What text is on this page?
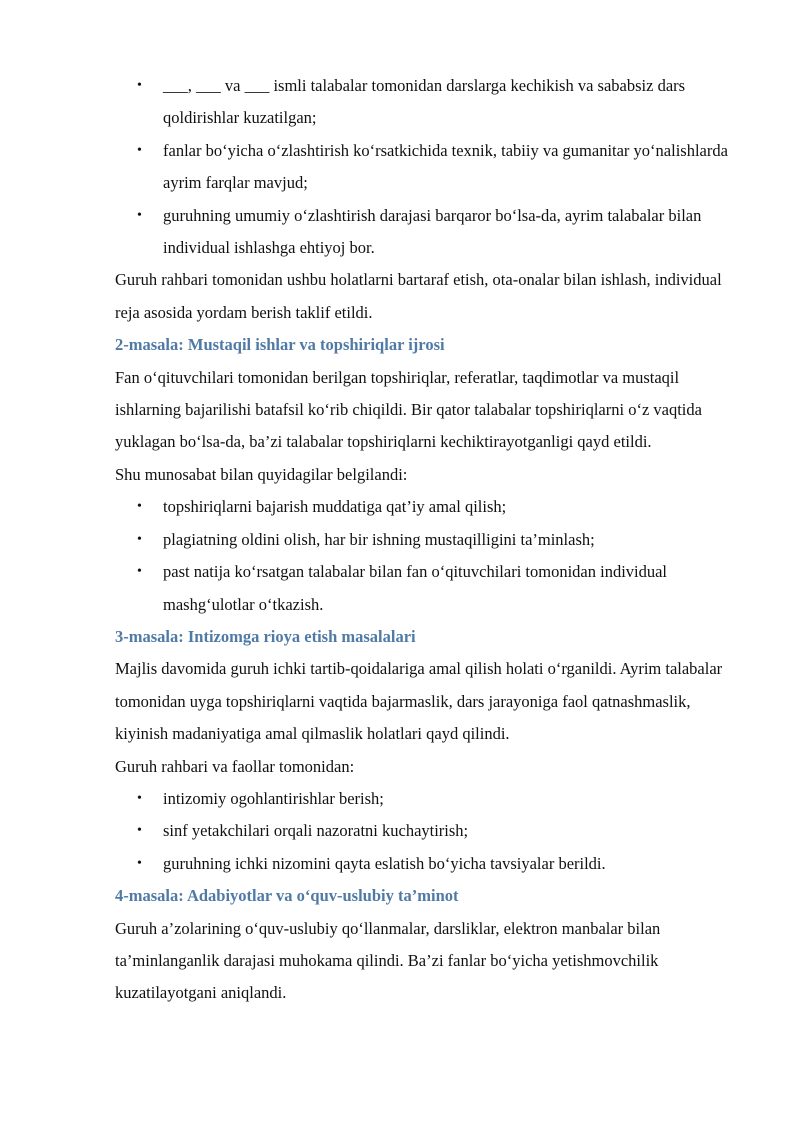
• ___, ___ va ___ ismli talabalar tomonidan darslarga kechikish va sababsiz dars qoldirishlar kuzatilgan;
• fanlar bo‘yicha o‘zlashtirish ko‘rsatkichida texnik, tabiiy va gumanitar yo‘nalishlarda ayrim farqlar mavjud;
• guruhning umumiy o‘zlashtirish darajasi barqaror bo‘lsa-da, ayrim talabalar bilan individual ishlashga ehtiyoj bor.

Guruh rahbari tomonidan ushbu holatlarni bartaraf etish, ota-onalar bilan ishlash, individual reja asosida yordam berish taklif etildi.

2-masala: Mustaqil ishlar va topshiriqlar ijrosi

Fan o‘qituvchilari tomonidan berilgan topshiriqlar, referatlar, taqdimotlar va mustaqil ishlarning bajarilishi batafsil ko‘rib chiqildi. Bir qator talabalar topshiriqlarni o‘z vaqtida yuklagan bo‘lsa-da, ba’zi talabalar topshiriqlarni kechiktirayotganligi qayd etildi.

Shu munosabat bilan quyidagilar belgilandi:

• topshiriqlarni bajarish muddatiga qat’iy amal qilish;
• plagiatning oldini olish, har bir ishning mustaqilligini ta’minlash;
• past natija ko‘rsatgan talabalar bilan fan o‘qituvchilari tomonidan individual mashg‘ulotlar o‘tkazish.
3-masala: Intizomga rioya etish masalalari

Majlis davomida guruh ichki tartib-qoidalariga amal qilish holati o‘rganildi. Ayrim talabalar tomonidan uyga topshiriqlarni vaqtida bajarmaslik, dars jarayoniga faol qatnashmaslik, kiyinish madaniyatiga amal qilmaslik holatlari qayd qilindi.

Guruh rahbari va faollar tomonidan:

• intizomiy ogohlantirishlar berish;
• sinf yetakchilari orqali nazoratni kuchaytirish;
• guruhning ichki nizomini qayta eslatish bo‘yicha tavsiyalar berildi.
4-masala: Adabiyotlar va o‘quv-uslubiy ta’minot

Guruh a’zolarining o‘quv-uslubiy qo‘llanmalar, darsliklar, elektron manbalar bilan ta’minlanganlik darajasi muhokama qilindi. Ba’zi fanlar bo‘yicha yetishmovchilik kuzatilayotgani aniqlandi.
